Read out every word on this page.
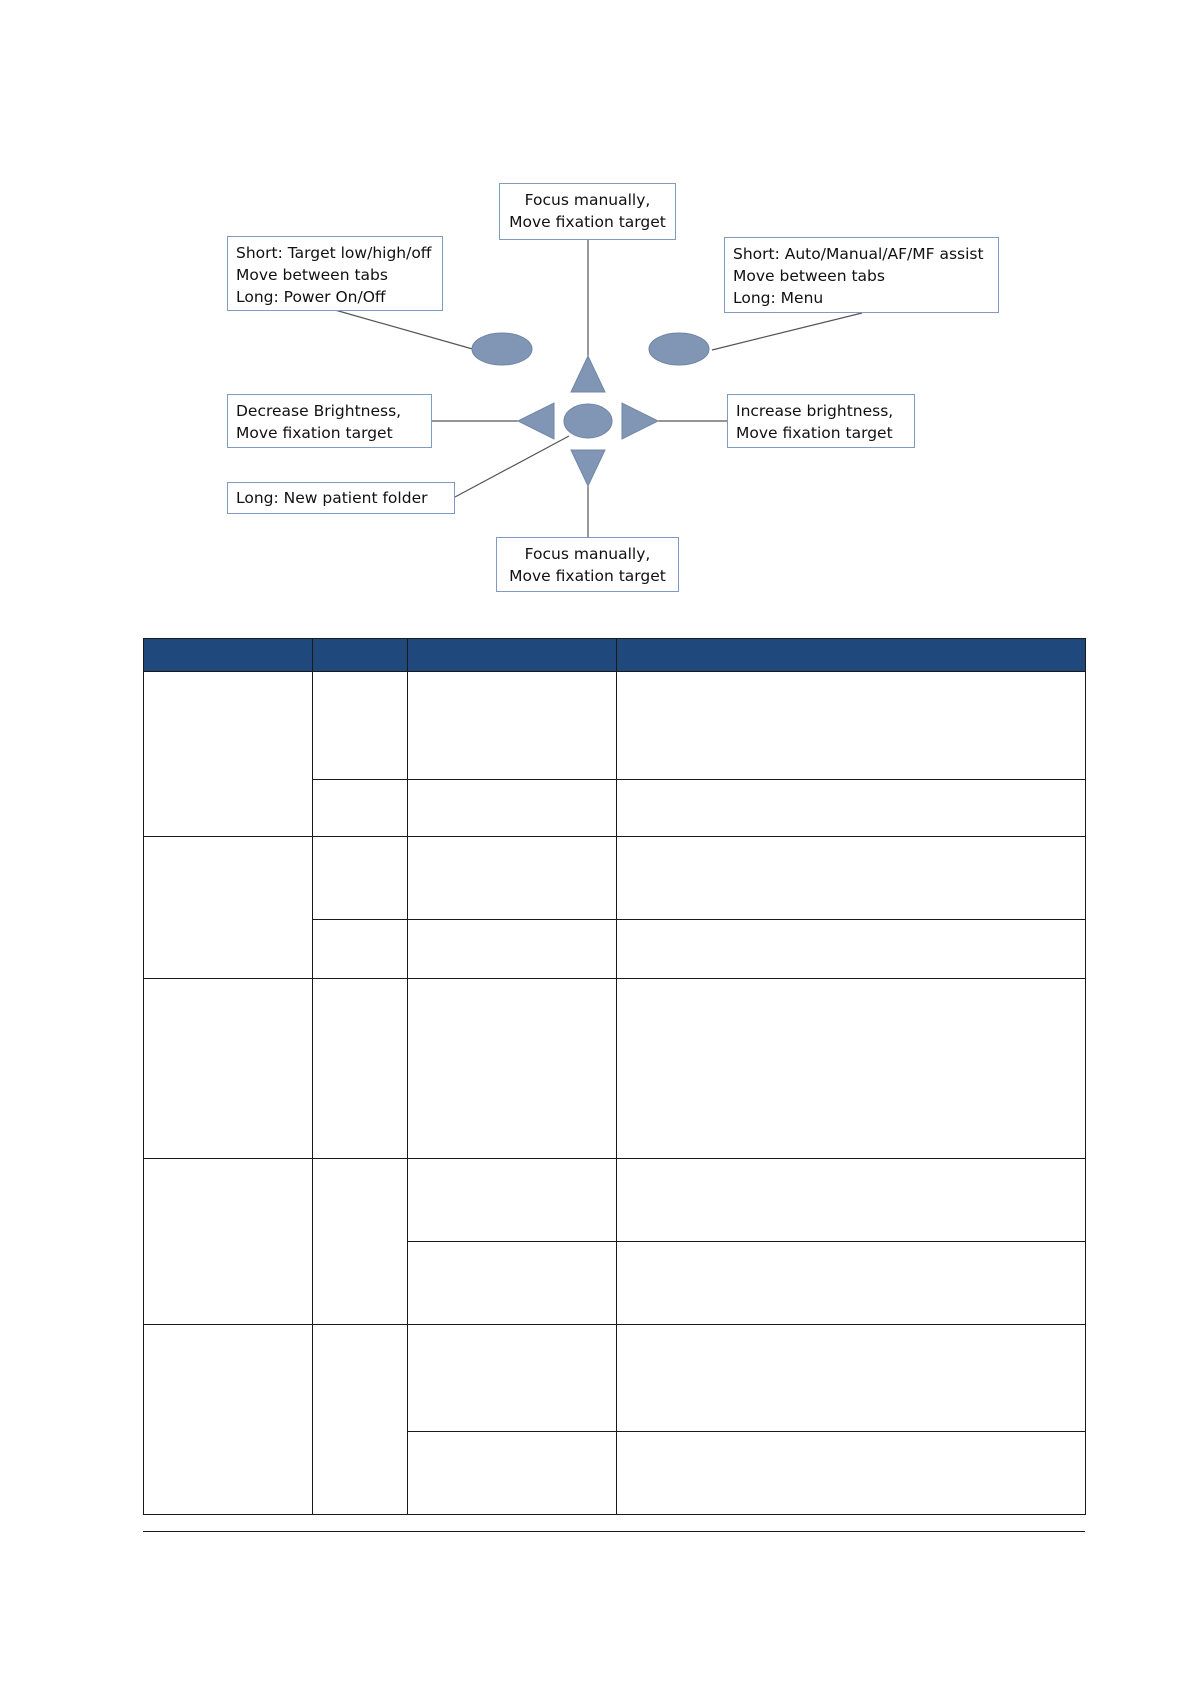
Focus manually,
Move fixation target
Short: Target low/high/off
Move between tabs
Long: Power On/Off
Short: Auto/Manual/AF/MF assist
Move between tabs
Long: Menu
Decrease Brightness,
Move fixation target
Increase brightness,
Move fixation target
Long: New patient folder
Focus manually,
Move fixation target
